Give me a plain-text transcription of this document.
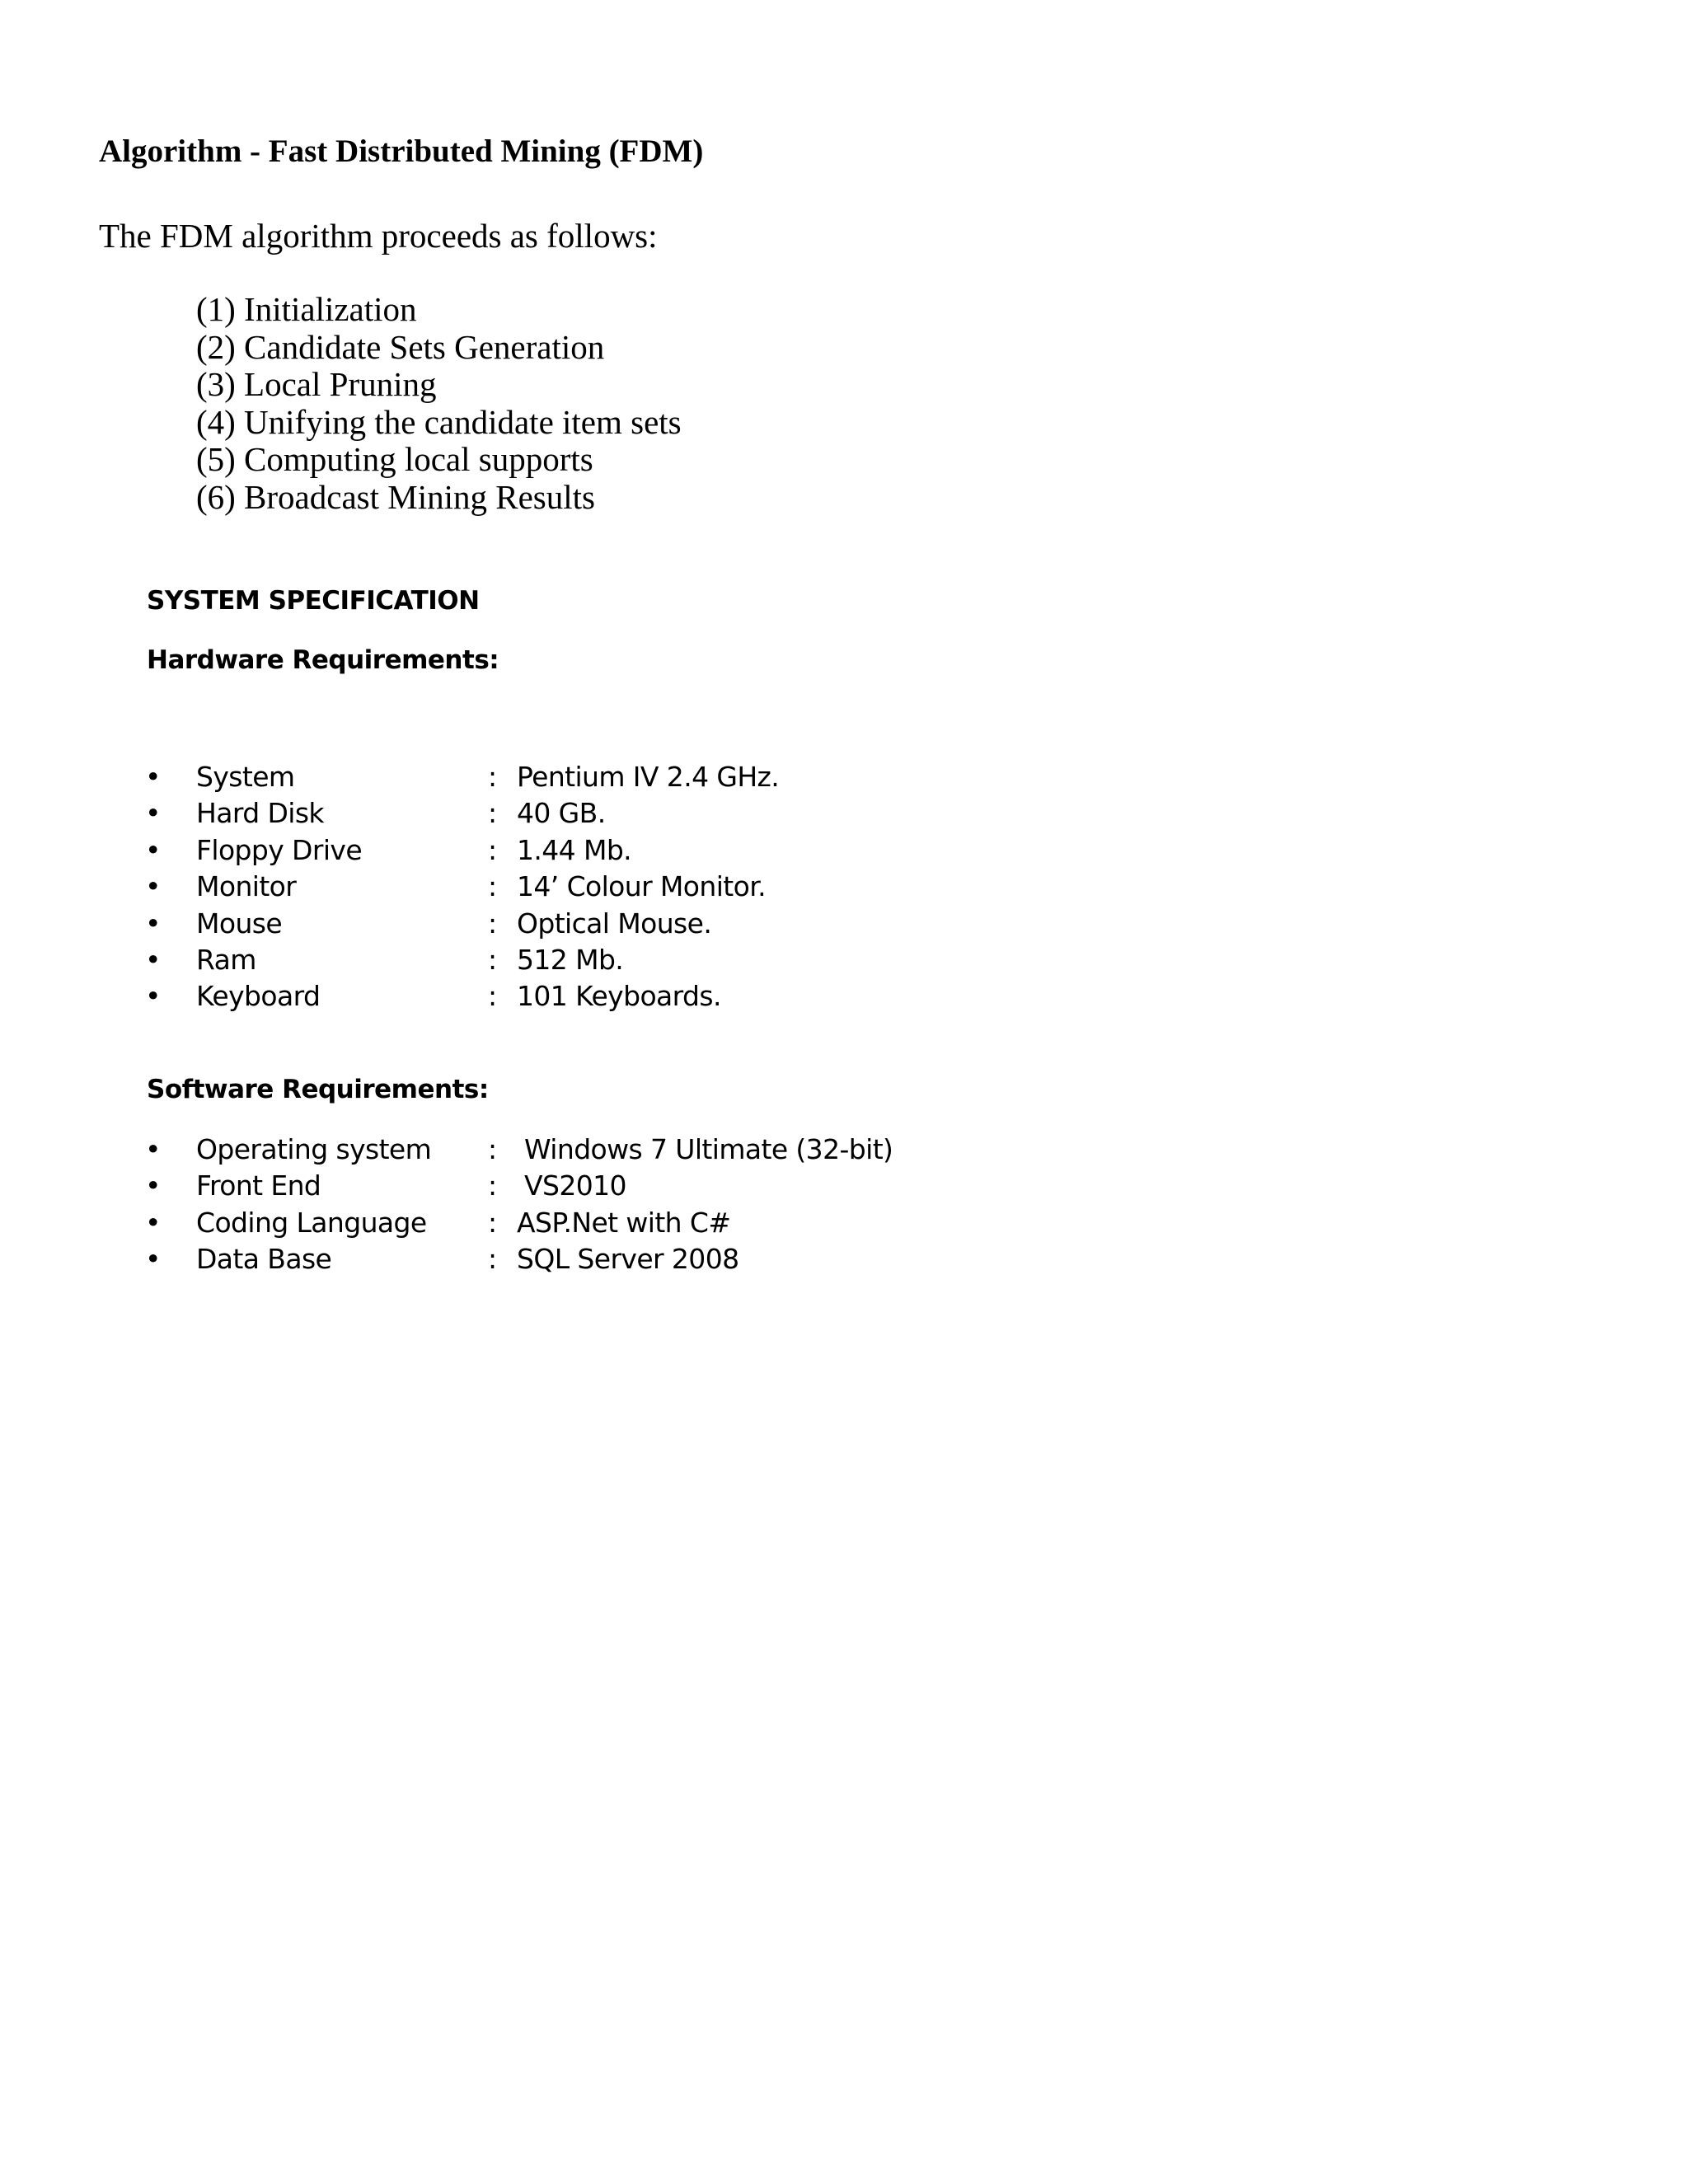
Algorithm - Fast Distributed Mining (FDM)

The FDM algorithm proceeds as follows:

(1) Initialization
(2) Candidate Sets Generation
(3) Local Pruning
(4) Unifying the candidate item sets
(5) Computing local supports
(6) Broadcast Mining Results
SYSTEM SPECIFICATION
Hardware Requirements:
• System	: Pentium IV 2.4 GHz.
• Hard Disk	: 40 GB.
• Floppy Drive	: 1.44 Mb.
• Monitor	: 14’ Colour Monitor.
• Mouse	: Optical Mouse.
• Ram	: 512 Mb.
• Keyboard	: 101 Keyboards.
Software Requirements:
• Operating system : Windows 7 Ultimate (32-bit)
• Front End	: VS2010
• Coding Language : ASP.Net with C#
• Data Base	: SQL Server 2008
